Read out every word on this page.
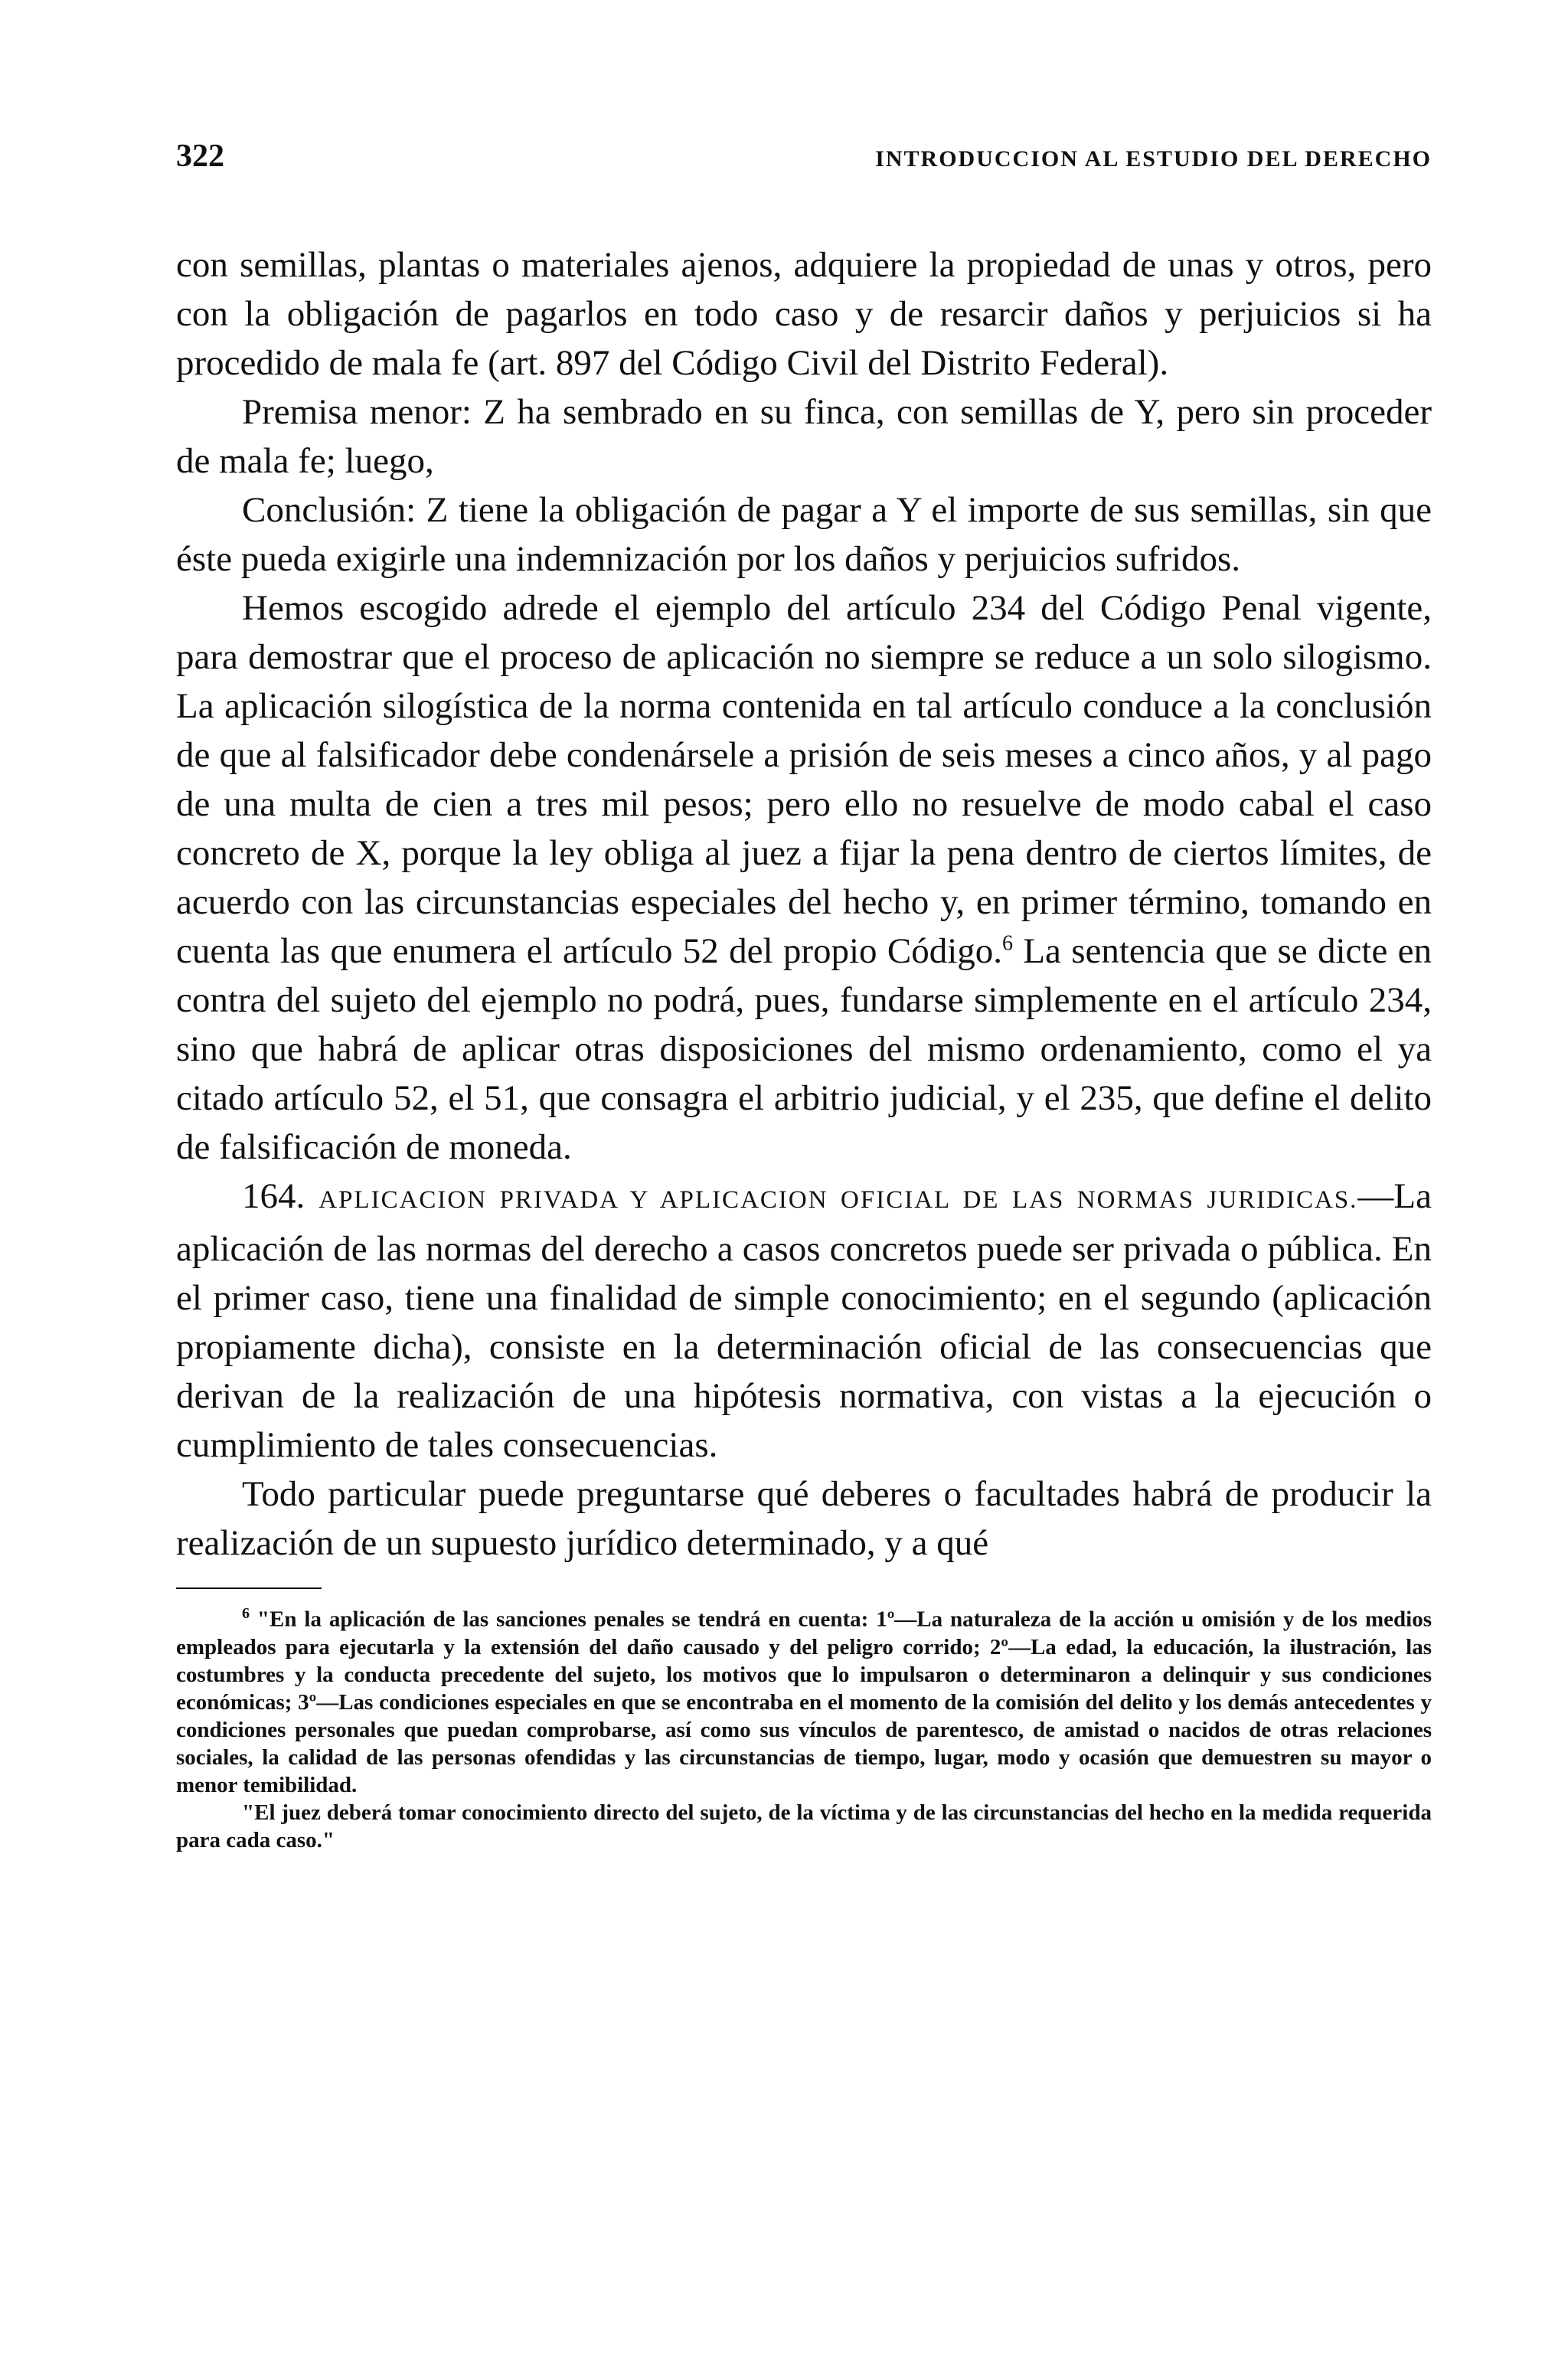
322	INTRODUCCION AL ESTUDIO DEL DERECHO

con semillas, plantas o materiales ajenos, adquiere la propiedad de unas y otros, pero con la obligación de pagarlos en todo caso y de resarcir daños y perjuicios si ha procedido de mala fe (art. 897 del Código Civil del Distrito Federal).

Premisa menor: Z ha sembrado en su finca, con semillas de Y, pero sin proceder de mala fe; luego,

Conclusión: Z tiene la obligación de pagar a Y el importe de sus semillas, sin que éste pueda exigirle una indemnización por los daños y perjuicios sufridos.

Hemos escogido adrede el ejemplo del artículo 234 del Código Penal vigente, para demostrar que el proceso de aplicación no siempre se reduce a un solo silogismo. La aplicación silogística de la norma contenida en tal artículo conduce a la conclusión de que al falsificador debe condenársele a prisión de seis meses a cinco años, y al pago de una multa de cien a tres mil pesos; pero ello no resuelve de modo cabal el caso concreto de X, porque la ley obliga al juez a fijar la pena dentro de ciertos límites, de acuerdo con las circunstancias especiales del hecho y, en primer término, tomando en cuenta las que enumera el artículo 52 del propio Código.$^6$ La sentencia que se dicte en contra del sujeto del ejemplo no podrá, pues, fundarse simplemente en el artículo 234, sino que habrá de aplicar otras disposiciones del mismo ordenamiento, como el ya citado artículo 52, el 51, que consagra el arbitrio judicial, y el 235, que define el delito de falsificación de moneda.

164. APLICACION PRIVADA Y APLICACION OFICIAL DE LAS NORMAS JURIDICAS.—La aplicación de las normas del derecho a casos concretos puede ser privada o pública. En el primer caso, tiene una finalidad de simple conocimiento; en el segundo (aplicación propiamente dicha), consiste en la determinación oficial de las consecuencias que derivan de la realización de una hipótesis normativa, con vistas a la ejecución o cumplimiento de tales consecuencias.

Todo particular puede preguntarse qué deberes o facultades habrá de producir la realización de un supuesto jurídico determinado, y a qué

$^6$ "En la aplicación de las sanciones penales se tendrá en cuenta: 1º—La naturaleza de la acción u omisión y de los medios empleados para ejecutarla y la extensión del daño causado y del peligro corrido; 2º—La edad, la educación, la ilustración, las costumbres y la conducta precedente del sujeto, los motivos que lo impulsaron o determinaron a delinquir y sus condiciones económicas; 3º—Las condiciones especiales en que se encontraba en el momento de la comisión del delito y los demás antecedentes y condiciones personales que puedan comprobarse, así como sus vínculos de parentesco, de amistad o nacidos de otras relaciones sociales, la calidad de las personas ofendidas y las circunstancias de tiempo, lugar, modo y ocasión que demuestren su mayor o menor temibilidad.

"El juez deberá tomar conocimiento directo del sujeto, de la víctima y de las circunstancias del hecho en la medida requerida para cada caso."
